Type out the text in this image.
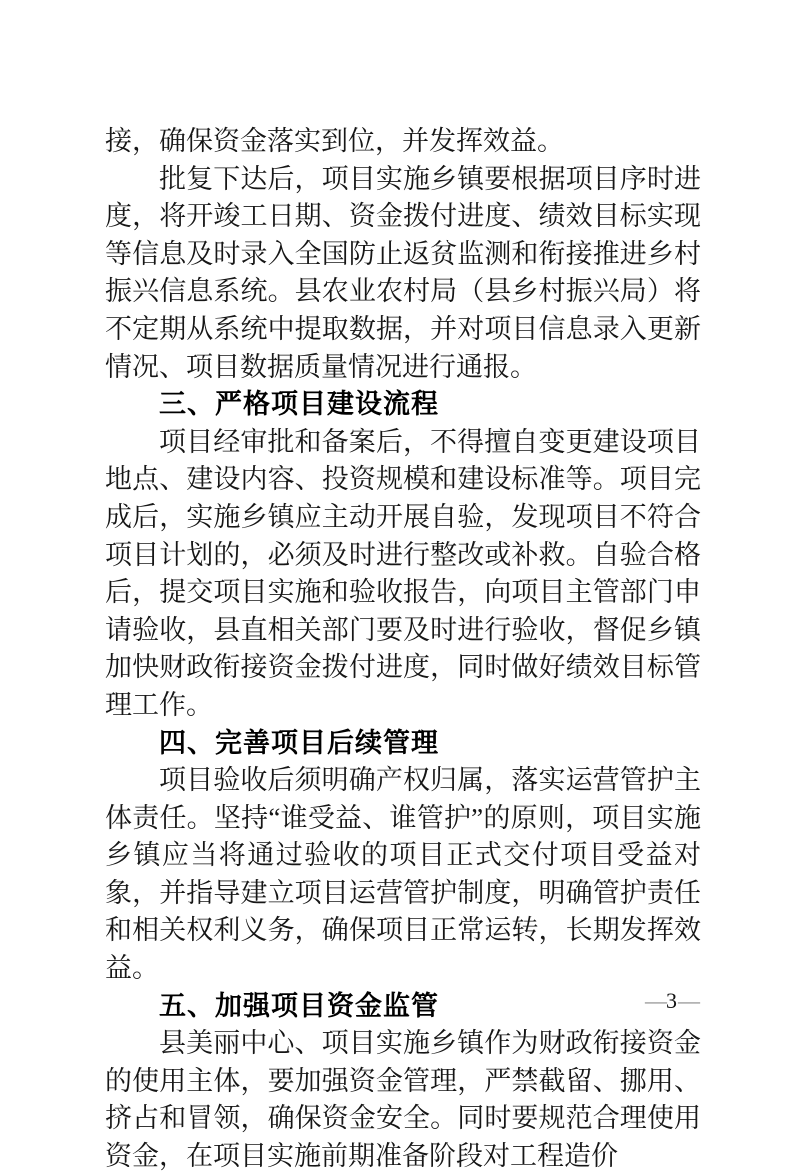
接，确保资金落实到位，并发挥效益。

批复下达后，项目实施乡镇要根据项目序时进度，将开竣工日期、资金拨付进度、绩效目标实现等信息及时录入全国防止返贫监测和衔接推进乡村振兴信息系统。县农业农村局（县乡村振兴局）将不定期从系统中提取数据，并对项目信息录入更新情况、项目数据质量情况进行通报。

三、严格项目建设流程

项目经审批和备案后，不得擅自变更建设项目地点、建设内容、投资规模和建设标准等。项目完成后，实施乡镇应主动开展自验，发现项目不符合项目计划的，必须及时进行整改或补救。自验合格后，提交项目实施和验收报告，向项目主管部门申请验收，县直相关部门要及时进行验收，督促乡镇加快财政衔接资金拨付进度，同时做好绩效目标管理工作。

四、完善项目后续管理

项目验收后须明确产权归属，落实运营管护主体责任。坚持“谁受益、谁管护”的原则，项目实施乡镇应当将通过验收的项目正式交付项目受益对象，并指导建立项目运营管护制度，明确管护责任和相关权利义务，确保项目正常运转，长期发挥效益。

五、加强项目资金监管

县美丽中心、项目实施乡镇作为财政衔接资金的使用主体，要加强资金管理，严禁截留、挪用、挤占和冒领，确保资金安全。同时要规范合理使用资金，在项目实施前期准备阶段对工程造价

—3—
